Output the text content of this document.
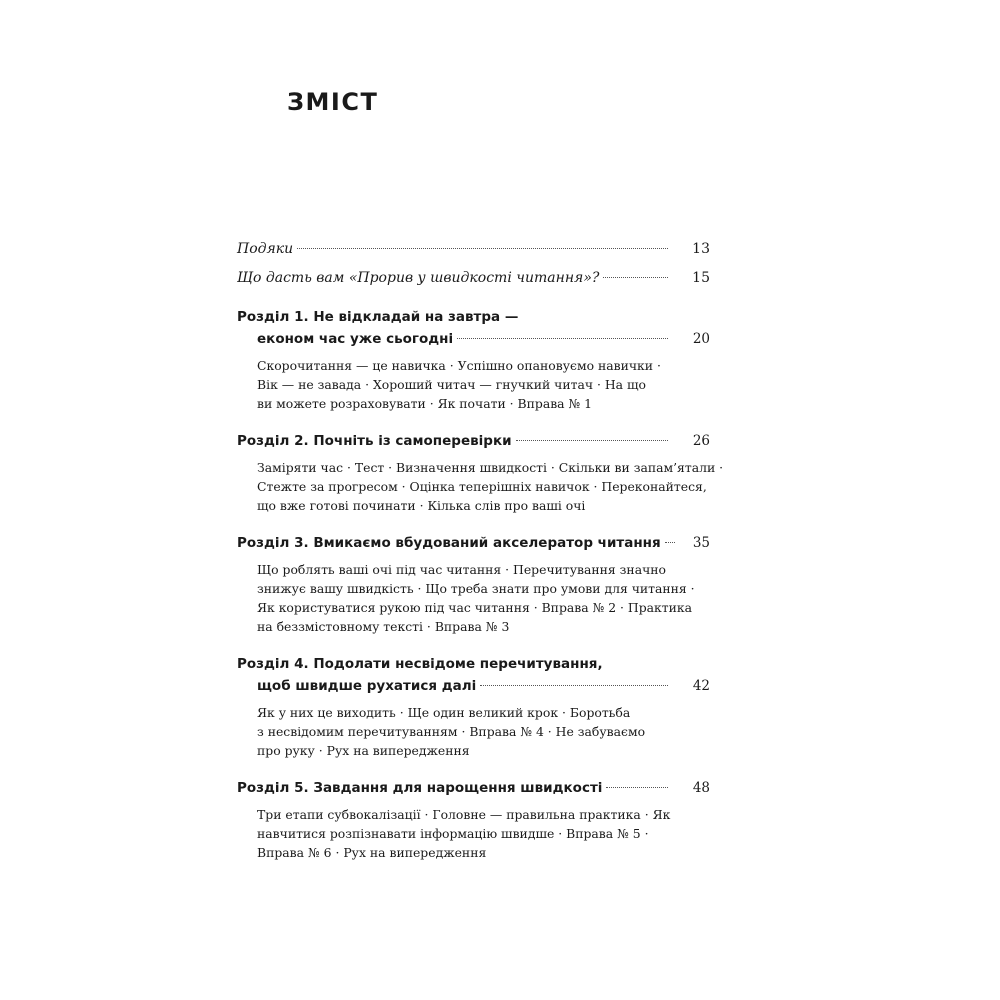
ЗМІСТ
Подяки	13
Що дасть вам «Прорив у швидкості читання»?	15
Розділ 1. Не відкладай на завтра —
економ час уже сьогодні	20
Скорочитання — це навичка · Успішно опановуємо навички ·
Вік — не завада · Хороший читач — гнучкий читач · На що
ви можете розраховувати · Як почати · Вправа № 1
Розділ 2. Почніть із самоперевірки	26
Заміряти час · Тест · Визначення швидкості · Скільки ви запам’ятали ·
Стежте за прогресом · Оцінка теперішніх навичок · Переконайтеся,
що вже готові починати · Кілька слів про ваші очі
Розділ 3. Вмикаємо вбудований акселератор читання	35
Що роблять ваші очі під час читання · Перечитування значно
знижує вашу швидкість · Що треба знати про умови для читання ·
Як користуватися рукою під час читання · Вправа № 2 · Практика
на беззмістовному тексті · Вправа № 3
Розділ 4. Подолати несвідоме перечитування,
щоб швидше рухатися далі	42
Як у них це виходить · Ще один великий крок · Боротьба
з несвідомим перечитуванням · Вправа № 4 · Не забуваємо
про руку · Рух на випередження
Розділ 5. Завдання для нарощення швидкості	48
Три етапи субвокалізації · Головне — правильна практика · Як
навчитися розпізнавати інформацію швидше · Вправа № 5 ·
Вправа № 6 · Рух на випередження
